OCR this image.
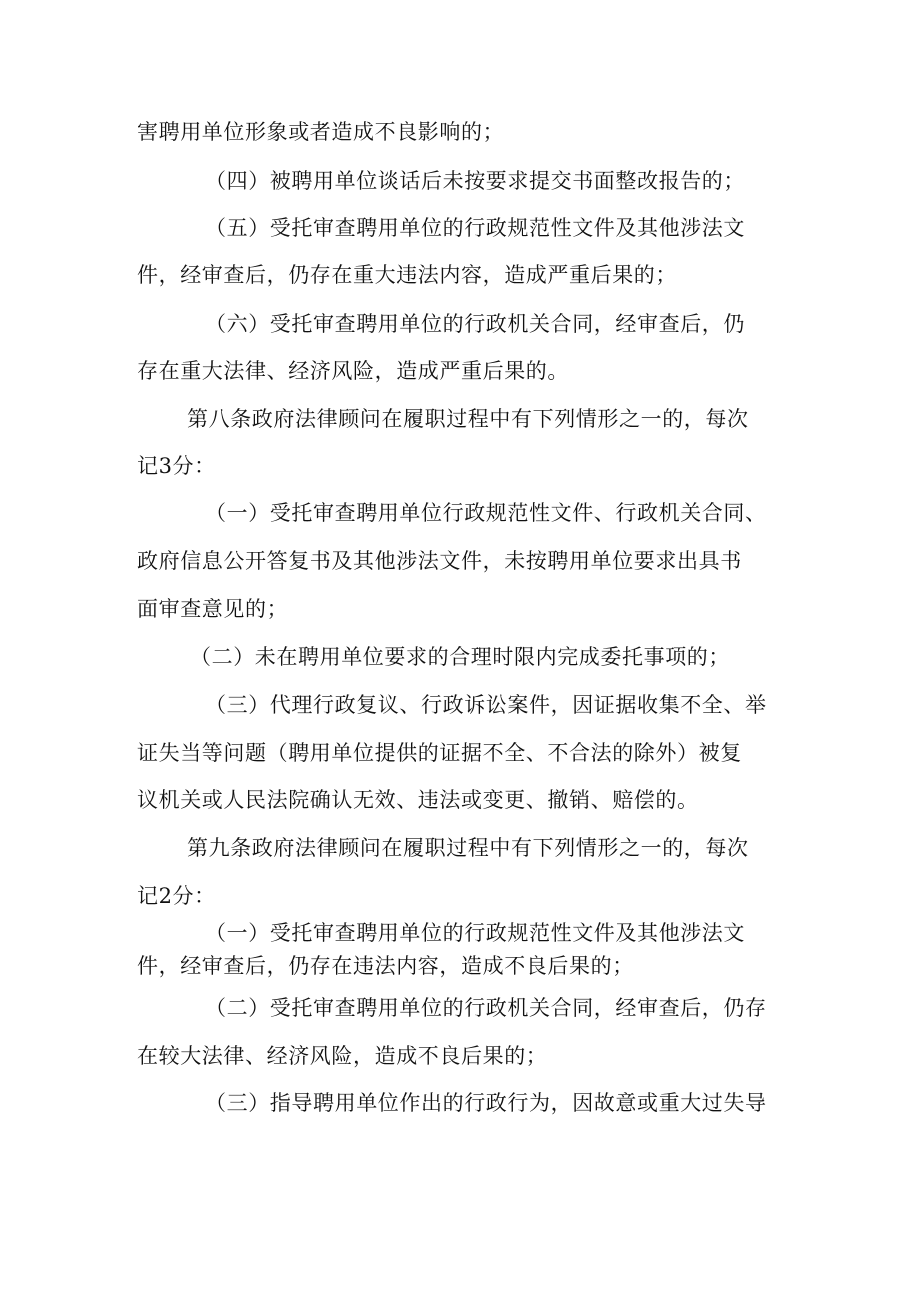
害聘用单位形象或者造成不良影响的；
（四）被聘用单位谈话后未按要求提交书面整改报告的；
（五）受托审查聘用单位的行政规范性文件及其他涉法文
件，经审查后，仍存在重大违法内容，造成严重后果的；
（六）受托审查聘用单位的行政机关合同，经审查后，仍
存在重大法律、经济风险，造成严重后果的。
第八条政府法律顾问在履职过程中有下列情形之一的，每次
记3分：
（一）受托审查聘用单位行政规范性文件、行政机关合同、
政府信息公开答复书及其他涉法文件，未按聘用单位要求出具书
面审查意见的；
（二）未在聘用单位要求的合理时限内完成委托事项的；
（三）代理行政复议、行政诉讼案件，因证据收集不全、举
证失当等问题（聘用单位提供的证据不全、不合法的除外）被复
议机关或人民法院确认无效、违法或变更、撤销、赔偿的。
第九条政府法律顾问在履职过程中有下列情形之一的，每次
记2分：
（一）受托审查聘用单位的行政规范性文件及其他涉法文
件，经审查后，仍存在违法内容，造成不良后果的；
（二）受托审查聘用单位的行政机关合同，经审查后，仍存
在较大法律、经济风险，造成不良后果的；
（三）指导聘用单位作出的行政行为，因故意或重大过失导
